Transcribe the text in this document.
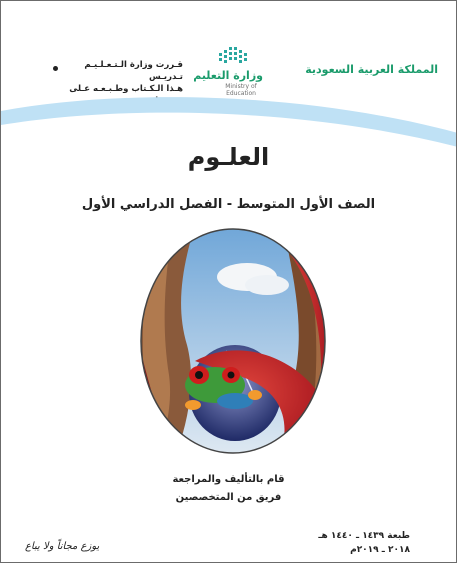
المملكة العربية السعودية
وزارة التعليم
Ministry of Education
قـررت وزارة الـتـعـلـيـم تـدريـس
هـذا الـكـتاب وطـبـعـه عـلى
العلـوم
الصف الأول المتوسط - الفصل الدراسي الأول
قام بالتأليف والمراجعة
فريق من المتخصصين
طبعة ١٤٣٩ ـ ١٤٤٠ هـ
٢٠١٨ ـ ٢٠١٩م
يوزع مجاناً ولا يباع
